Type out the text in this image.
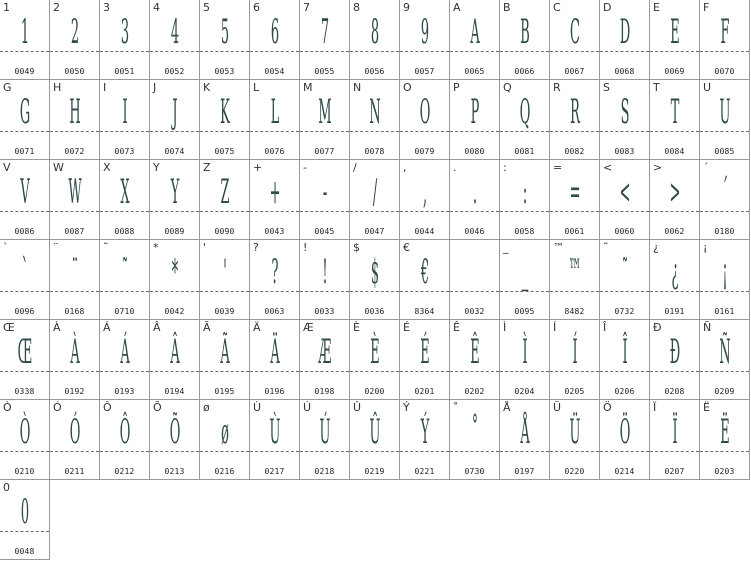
1
1
0049
2
2
0050
3
3
0051
4
4
0052
5
5
0053
6
6
0054
7
7
0055
8
8
0056
9
9
0057
A
A
0065
B
B
0066
C
C
0067
D
D
0068
E
E
0069
F
F
0070
G
G
0071
H
H
0072
I
I
0073
J
J
0074
K
K
0075
L
L
0076
M
M
0077
N
N
0078
O
O
0079
P
P
0080
Q
Q
0081
R
R
0082
S
S
0083
T
T
0084
U
U
0085
V
V
0086
W
W
0087
X
X
0088
Y
Y
0089
Z
Z
0090
+
+
0043
-
-
0045
/
/
0047
,
,
0044
.
.
0046
:
:
0058
=
=
0061
<
<
0060
>
>
0062
´
´
0180
`
`
0096
¨
¨
0168
˜
˜
0710
*
*
0042
'
'
0039
?
?
0063
!
!
0033
$
$
0036
€
€
8364	0032
_
_
0095
™
™
8482
˜
˜
0732
¿
¿
0191
¡
¡
0161
Œ
Œ
0338
À
À
0192
Á
Á
0193
Â
Â
0194
Ã
Ã
0195
Ä
Ä
0196
Æ
Æ
0198
È
È
0200
É
É
0201
Ê
Ê
0202
Ì
Ì
0204
Í
Í
0205
Î
Î
0206
Ð
Ð
0208
Ñ
Ñ
0209
Ò
Ò
0210
Ó
Ó
0211
Ô
Ô
0212
Õ
Õ
0213
ø
ø
0216
Ù
Ù
0217
Ú
Ú
0218
Û
Û
0219
Ý
Ý
0221
˚
˚
0730
Å
Å
0197
Ü
Ü
0220
Ö
Ö
0214
Ï
Ï
0207
Ë
Ë
0203
0
0
0048
